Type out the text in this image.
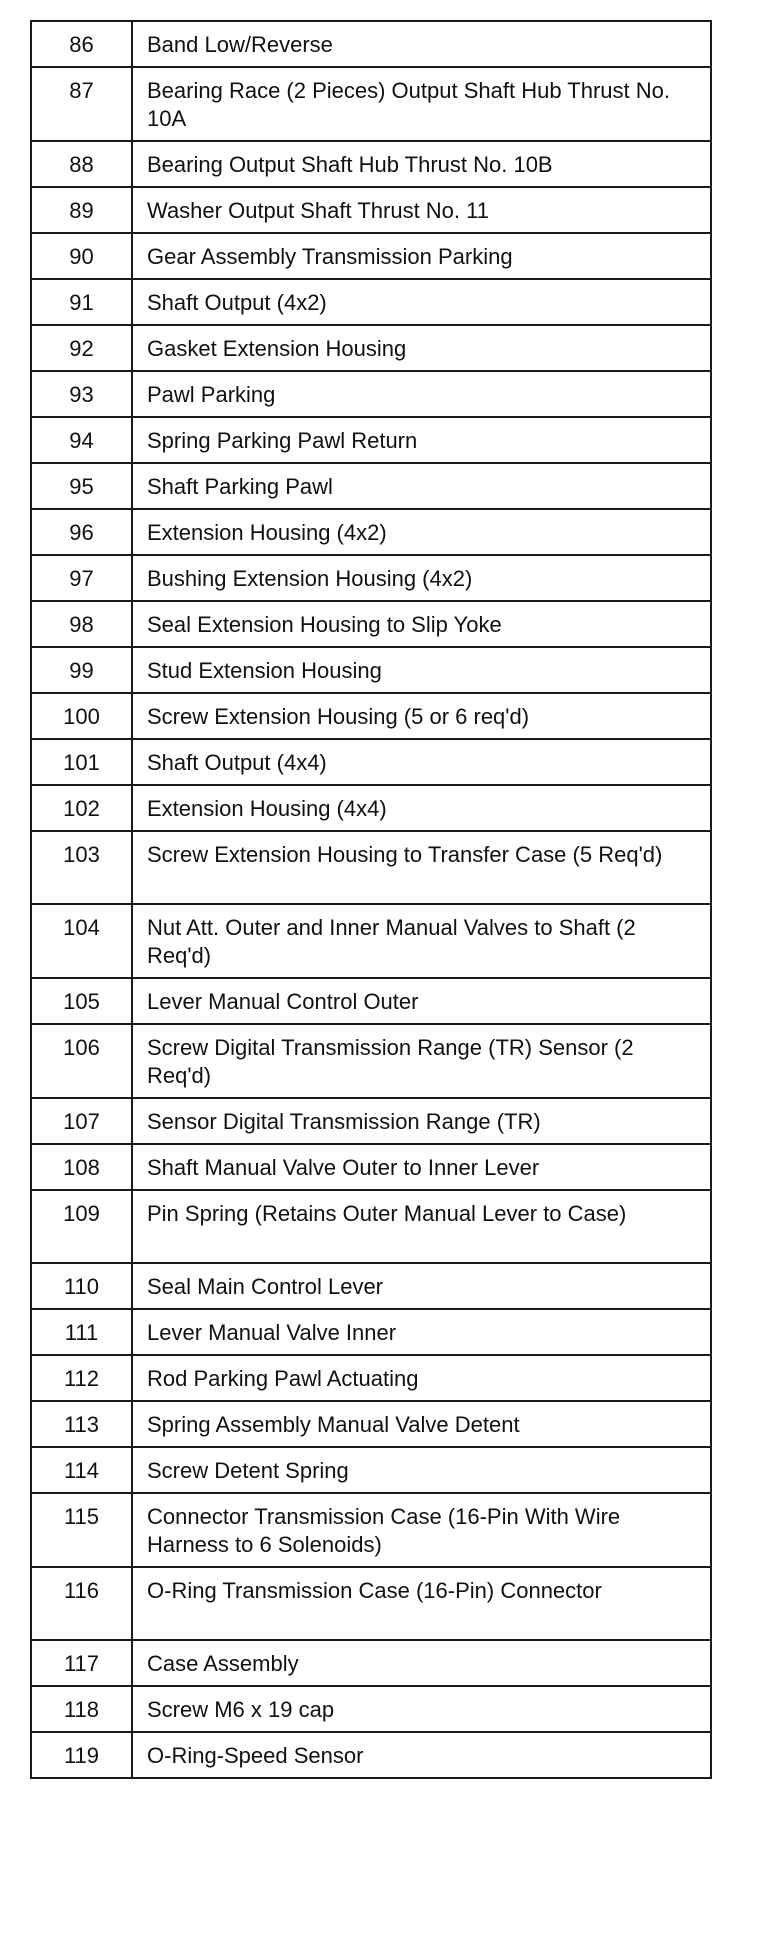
86	Band Low/Reverse
87	Bearing Race (2 Pieces) Output Shaft Hub Thrust No. 10A
88	Bearing Output Shaft Hub Thrust No. 10B
89	Washer Output Shaft Thrust No. 11
90	Gear Assembly Transmission Parking
91	Shaft Output (4x2)
92	Gasket Extension Housing
93	Pawl Parking
94	Spring Parking Pawl Return
95	Shaft Parking Pawl
96	Extension Housing (4x2)
97	Bushing Extension Housing (4x2)
98	Seal Extension Housing to Slip Yoke
99	Stud Extension Housing
100	Screw Extension Housing (5 or 6 req'd)
101	Shaft Output (4x4)
102	Extension Housing (4x4)
103	Screw Extension Housing to Transfer Case (5 Req'd)
104	Nut Att. Outer and Inner Manual Valves to Shaft (2 Req'd)
105	Lever Manual Control Outer
106	Screw Digital Transmission Range (TR) Sensor (2 Req'd)
107	Sensor Digital Transmission Range (TR)
108	Shaft Manual Valve Outer to Inner Lever
109	Pin Spring (Retains Outer Manual Lever to Case)
110	Seal Main Control Lever
111	Lever Manual Valve Inner
112	Rod Parking Pawl Actuating
113	Spring Assembly Manual Valve Detent
114	Screw Detent Spring
115	Connector Transmission Case (16-Pin With Wire Harness to 6 Solenoids)
116	O-Ring Transmission Case (16-Pin) Connector
117	Case Assembly
118	Screw M6 x 19 cap
119	O-Ring-Speed Sensor
